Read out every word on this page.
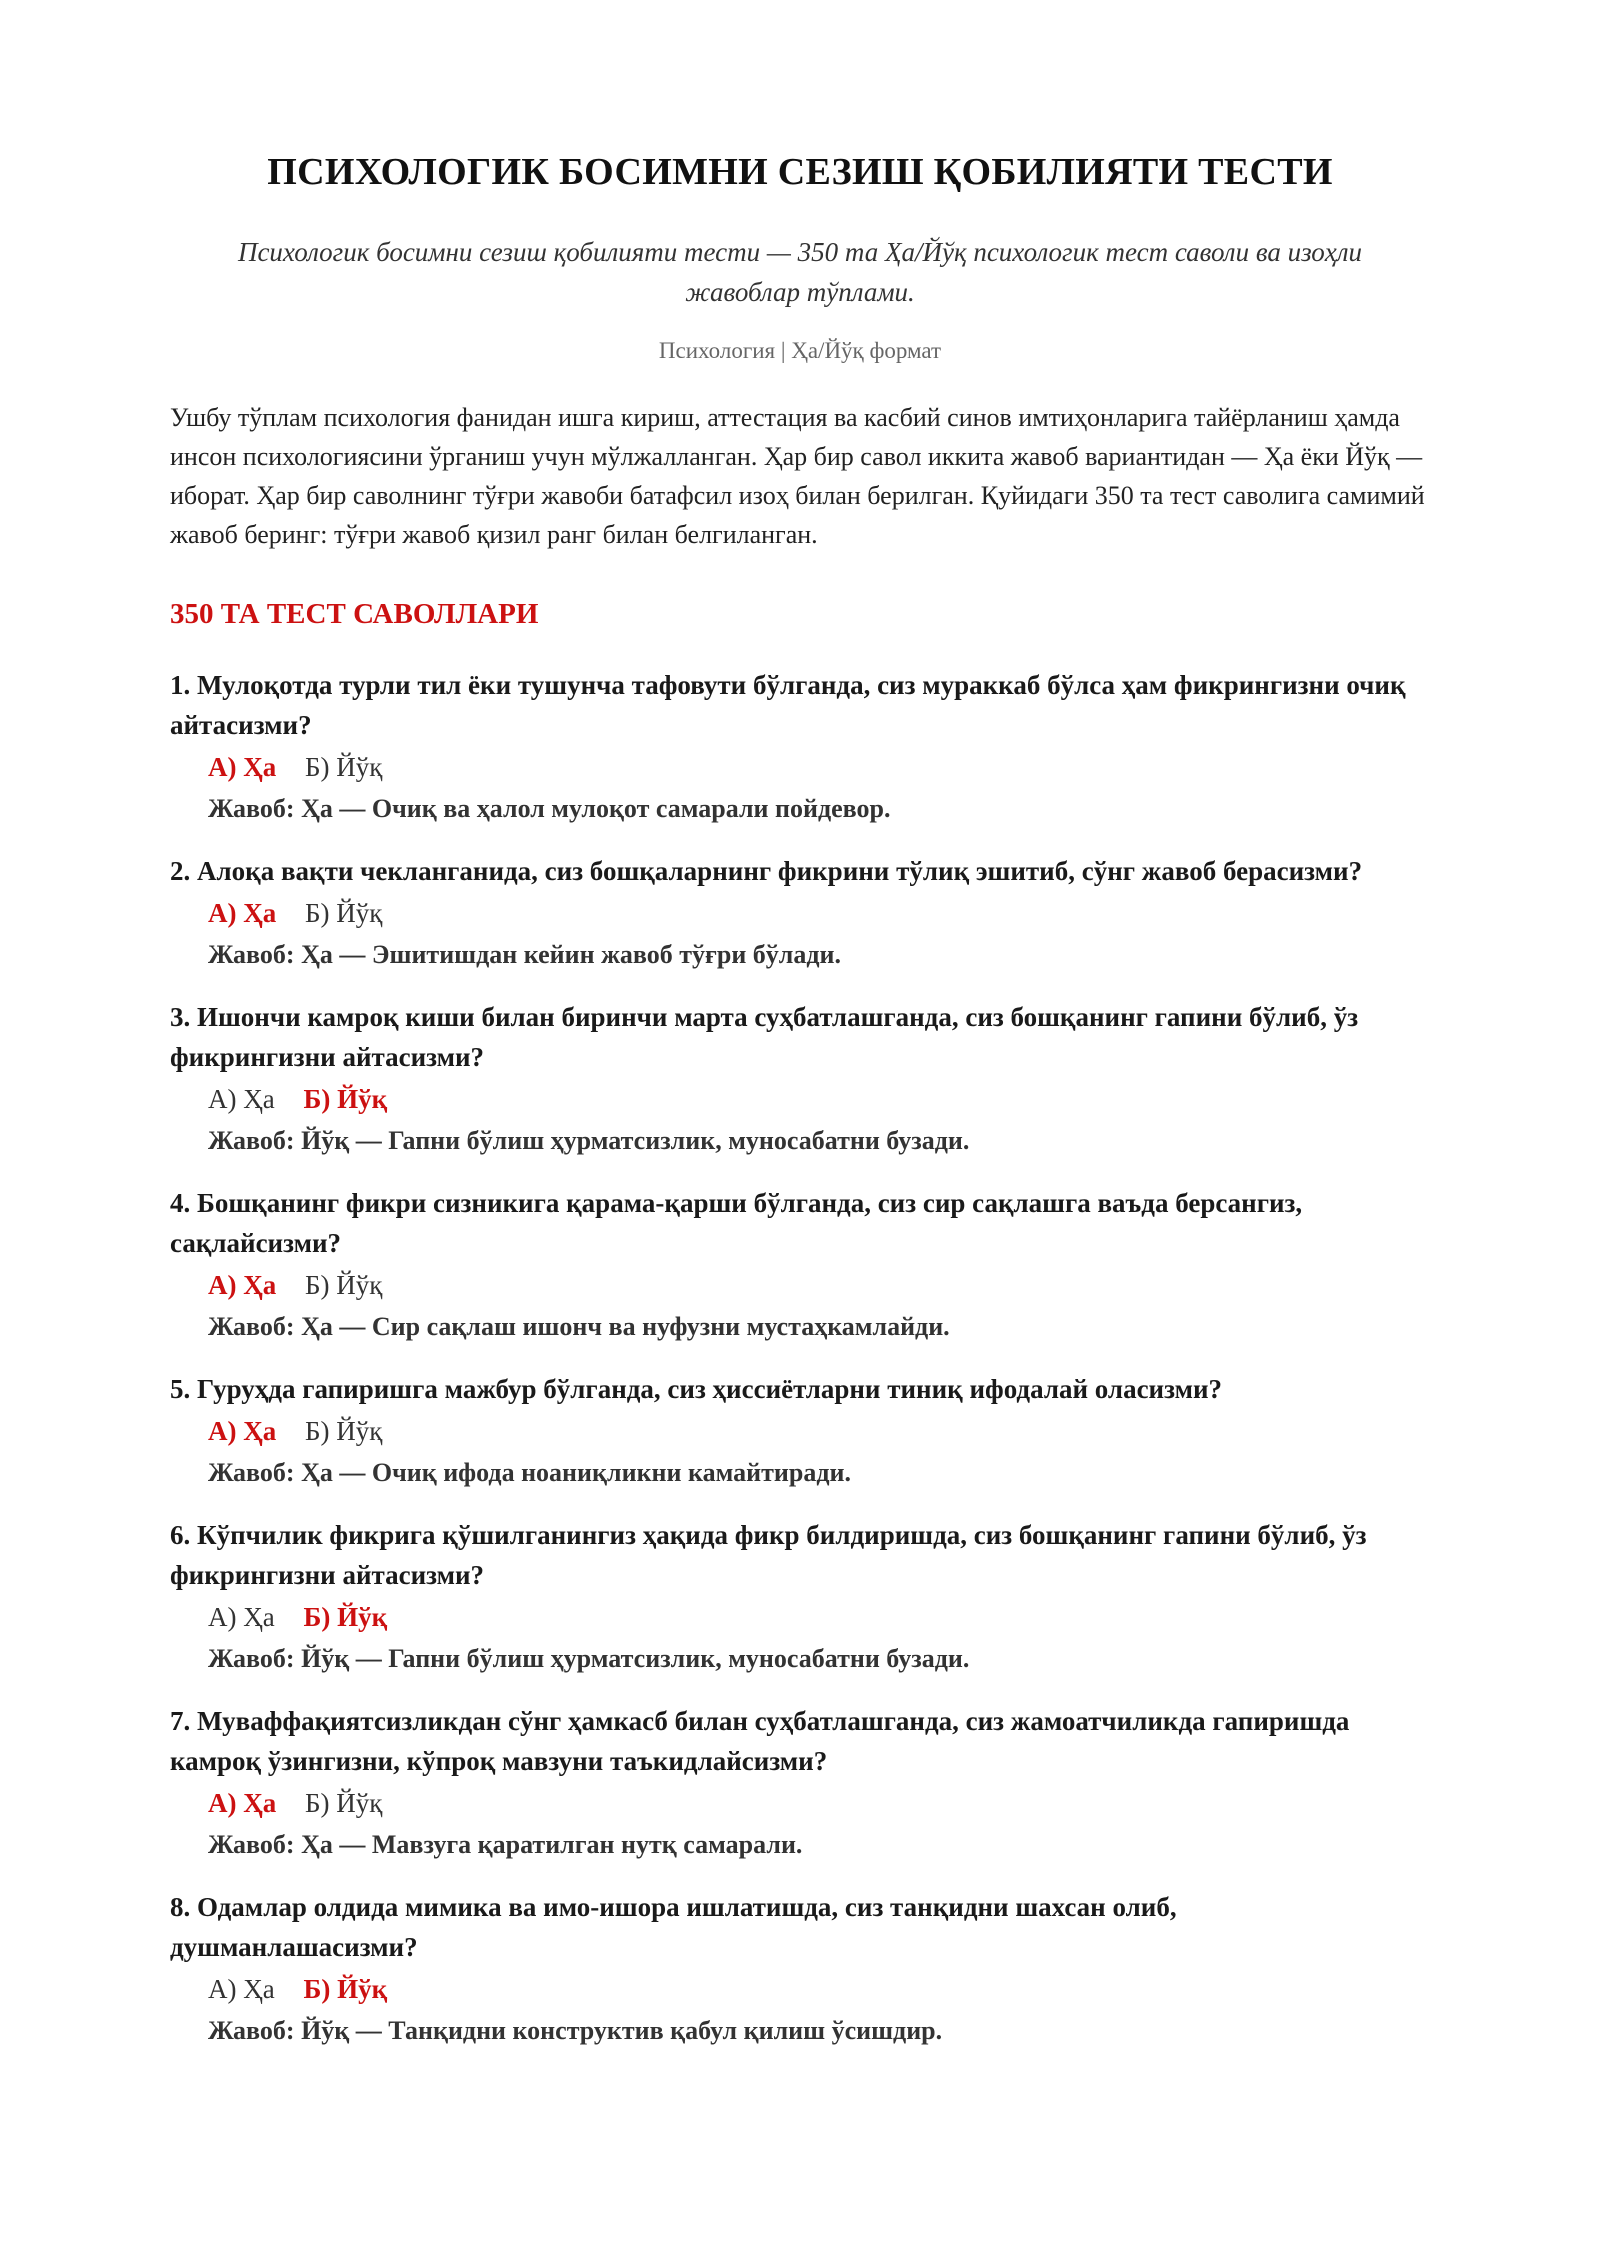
ПСИХОЛОГИК БОСИМНИ СЕЗИШ ҚОБИЛИЯТИ ТЕСТИ
Психологик босимни сезиш қобилияти тести — 350 та Ҳа/Йўқ психологик тест саволи ва изоҳли жавоблар тўплами.
Психология | Ҳа/Йўқ формат
Ушбу тўплам психология фанидан ишга кириш, аттестация ва касбий синов имтиҳонларига тайёрланиш ҳамда инсон психологиясини ўрганиш учун мўлжалланган. Ҳар бир савол иккита жавоб вариантидан — Ҳа ёки Йўқ — иборат. Ҳар бир саволнинг тўғри жавоби батафсил изоҳ билан берилган. Қуйидаги 350 та тест саволига самимий жавоб беринг: тўғри жавоб қизил ранг билан белгиланган.
350 ТА ТЕСТ САВОЛЛАРИ
1. Мулоқотда турли тил ёки тушунча тафовути бўлганда, сиз мураккаб бўлса ҳам фикрингизни очиқ айтасизми?
А) Ҳа Б) Йўқ
Жавоб: Ҳа — Очиқ ва ҳалол мулоқот самарали пойдевор.
2. Алоқа вақти чекланганида, сиз бошқаларнинг фикрини тўлиқ эшитиб, сўнг жавоб берасизми?
А) Ҳа Б) Йўқ
Жавоб: Ҳа — Эшитишдан кейин жавоб тўғри бўлади.
3. Ишончи камроқ киши билан биринчи марта суҳбатлашганда, сиз бошқанинг гапини бўлиб, ўз фикрингизни айтасизми?
А) Ҳа Б) Йўқ
Жавоб: Йўқ — Гапни бўлиш ҳурматсизлик, муносабатни бузади.
4. Бошқанинг фикри сизникига қарама-қарши бўлганда, сиз сир сақлашга ваъда берсангиз, сақлайсизми?
А) Ҳа Б) Йўқ
Жавоб: Ҳа — Сир сақлаш ишонч ва нуфузни мустаҳкамлайди.
5. Гуруҳда гапиришга мажбур бўлганда, сиз ҳиссиётларни тиниқ ифодалай оласизми?
А) Ҳа Б) Йўқ
Жавоб: Ҳа — Очиқ ифода ноаниқликни камайтиради.
6. Кўпчилик фикрига қўшилганингиз ҳақида фикр билдиришда, сиз бошқанинг гапини бўлиб, ўз фикрингизни айтасизми?
А) Ҳа Б) Йўқ
Жавоб: Йўқ — Гапни бўлиш ҳурматсизлик, муносабатни бузади.
7. Муваффақиятсизликдан сўнг ҳамкасб билан суҳбатлашганда, сиз жамоатчиликда гапиришда камроқ ўзингизни, кўпроқ мавзуни таъкидлайсизми?
А) Ҳа Б) Йўқ
Жавоб: Ҳа — Мавзуга қаратилган нутқ самарали.
8. Одамлар олдида мимика ва имо-ишора ишлатишда, сиз танқидни шахсан олиб, душманлашасизми?
А) Ҳа Б) Йўқ
Жавоб: Йўқ — Танқидни конструктив қабул қилиш ўсишдир.
